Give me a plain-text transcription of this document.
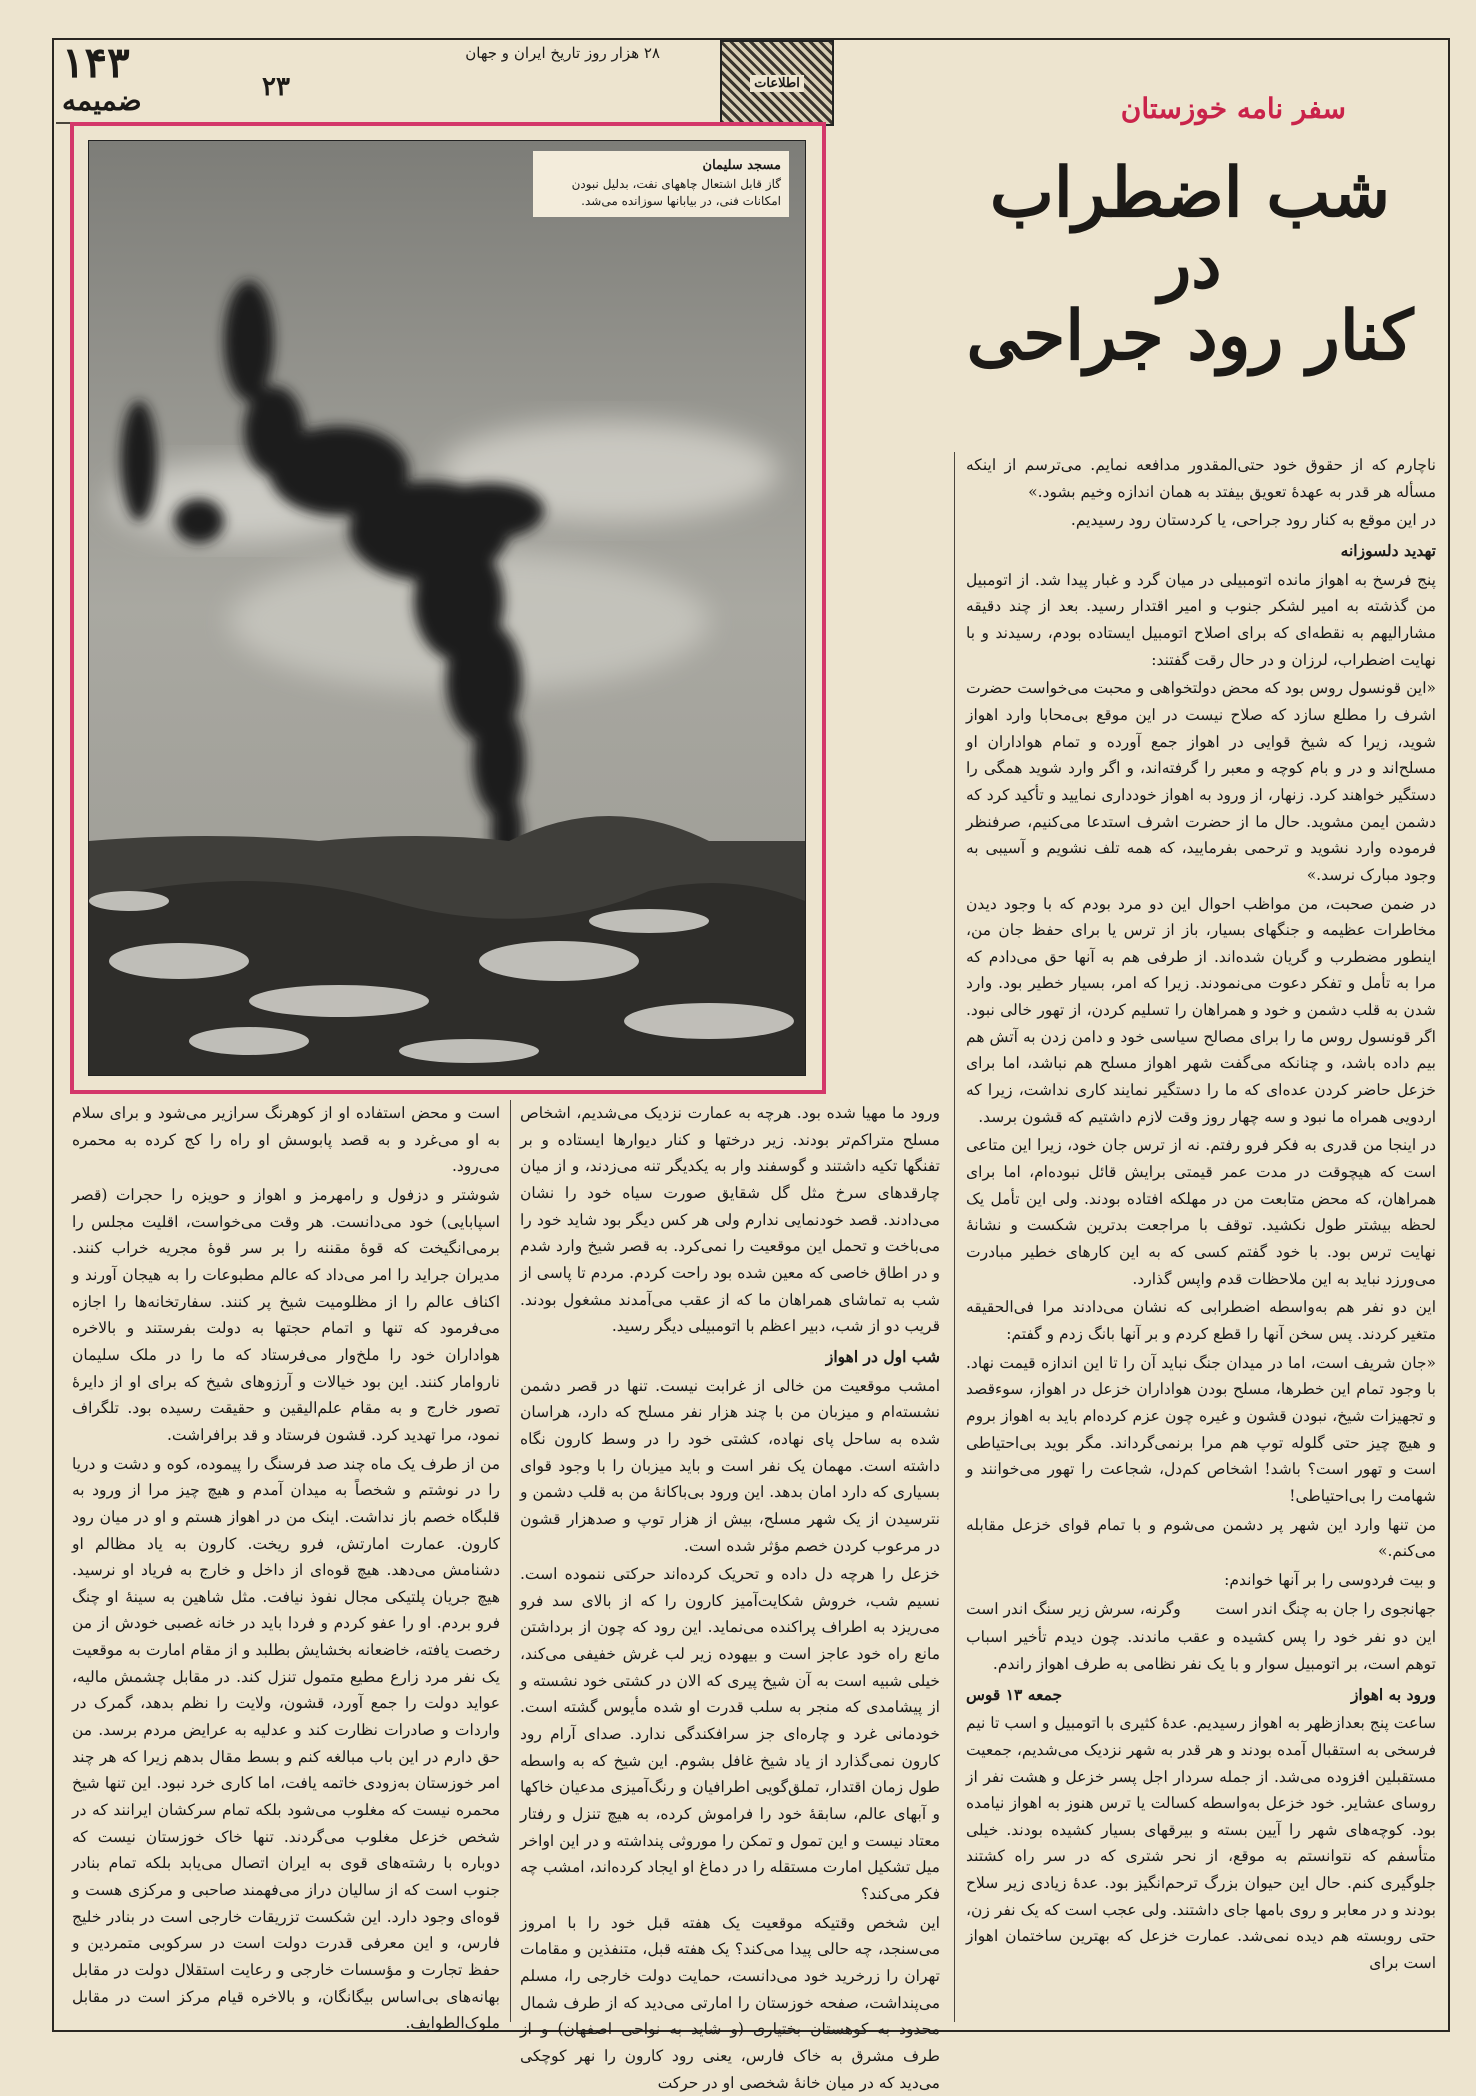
۱۴۳
ضمیمه	۲۳
۲۸ هزار روز تاریخ ایران و جهان
اطلاعات
سفر نامه خوزستان
شب اضطراب
در
کنار رود جراحی
مسجد سلیمان
گاز قابل اشتعال چاههای نفت، بدلیل نبودن امکانات فنی، در بیابانها سوزانده می‌شد.

ناچارم که از حقوق خود حتی‌المقدور مدافعه نمایم. می‌ترسم از اینکه مسأله هر قدر به عهدهٔ تعویق بیفتد به همان اندازه وخیم بشود.»

در این موقع به کنار رود جراحی، یا کردستان رود رسیدیم.

تهدید دلسوزانه

پنج فرسخ به اهواز مانده اتومبیلی در میان گرد و غبار پیدا شد. از اتومبیل من گذشته به امیر لشکر جنوب و امیر اقتدار رسید. بعد از چند دقیقه مشارالیهم به نقطه‌ای که برای اصلاح اتومبیل ایستاده بودم، رسیدند و با نهایت اضطراب، لرزان و در حال رقت گفتند:

«این قونسول روس بود که محض دولتخواهی و محبت می‌خواست حضرت اشرف را مطلع سازد که صلاح نیست در این موقع بی‌محابا وارد اهواز شوید، زیرا که شیخ قوایی در اهواز جمع آورده و تمام هواداران او مسلح‌اند و در و بام کوچه و معبر را گرفته‌اند، و اگر وارد شوید همگی را دستگیر خواهند کرد. زنهار، از ورود به اهواز خودداری نمایید و تأکید کرد که دشمن ایمن مشوید. حال ما از حضرت اشرف استدعا می‌کنیم، صرفنظر فرموده وارد نشوید و ترحمی بفرمایید، که همه تلف نشویم و آسیبی به وجود مبارک نرسد.»

در ضمن صحبت، من مواظب احوال این دو مرد بودم که با وجود دیدن مخاطرات عظیمه و جنگهای بسیار، باز از ترس یا برای حفظ جان من، اینطور مضطرب و گریان شده‌اند. از طرفی هم به آنها حق می‌دادم که مرا به تأمل و تفکر دعوت می‌نمودند. زیرا که امر، بسیار خطیر بود. وارد شدن به قلب دشمن و خود و همراهان را تسلیم کردن، از تهور خالی نبود. اگر قونسول روس ما را برای مصالح سیاسی خود و دامن زدن به آتش هم بیم داده باشد، و چنانکه می‌گفت شهر اهواز مسلح هم نباشد، اما برای خزعل حاضر کردن عده‌ای که ما را دستگیر نمایند کاری نداشت، زیرا که اردویی همراه ما نبود و سه چهار روز وقت لازم داشتیم که قشون برسد.

در اینجا من قدری به فکر فرو رفتم. نه از ترس جان خود، زیرا این متاعی است که هیچوقت در مدت عمر قیمتی برایش قائل نبوده‌ام، اما برای همراهان، که محض متابعت من در مهلکه افتاده بودند. ولی این تأمل یک لحظه بیشتر طول نکشید. توقف با مراجعت بدترین شکست و نشانهٔ نهایت ترس بود. با خود گفتم کسی که به این کارهای خطیر مبادرت می‌ورزد نباید به این ملاحظات قدم واپس گذارد.

این دو نفر هم به‌واسطه اضطرابی که نشان می‌دادند مرا فی‌الحقیقه متغیر کردند. پس سخن آنها را قطع کردم و بر آنها بانگ زدم و گفتم:

«جان شریف است، اما در میدان جنگ نباید آن را تا این اندازه قیمت نهاد. با وجود تمام این خطرها، مسلح بودن هواداران خزعل در اهواز، سوءقصد و تجهیزات شیخ، نبودن قشون و غیره چون عزم کرده‌ام باید به اهواز بروم و هیچ چیز حتی گلوله توپ هم مرا برنمی‌گرداند. مگر بوید بی‌احتیاطی است و تهور است؟ باشد! اشخاص کم‌دل، شجاعت را تهور می‌خوانند و شهامت را بی‌احتیاطی!

من تنها وارد این شهر پر دشمن می‌شوم و با تمام قوای خزعل مقابله می‌کنم.»

و بیت فردوسی را بر آنها خواندم:

جهانجوی را جان به چنگ اندر است
وگرنه، سرش زیر سنگ اندر است

این دو نفر خود را پس کشیده و عقب ماندند. چون دیدم تأخیر اسباب توهم است، بر اتومبیل سوار و با یک نفر نظامی به طرف اهواز راندم.

ورود به اهواز
جمعه ۱۳ قوس

ساعت پنج بعدازظهر به اهواز رسیدیم. عدهٔ کثیری با اتومبیل و اسب تا نیم فرسخی به استقبال آمده بودند و هر قدر به شهر نزدیک می‌شدیم، جمعیت مستقبلین افزوده می‌شد. از جمله سردار اجل پسر خزعل و هشت نفر از روسای عشایر. خود خزعل به‌واسطه کسالت یا ترس هنوز به اهواز نیامده بود. کوچه‌های شهر را آیین بسته و بیرقهای بسیار کشیده بودند. خیلی متأسفم که نتوانستم به موقع، از نحر شتری که در سر راه کشتند جلوگیری کنم. حال این حیوان بزرگ ترحم‌انگیز بود. عدهٔ زیادی زیر سلاح بودند و در معابر و روی بامها جای داشتند. ولی عجب است که یک نفر زن، حتی روبسته هم دیده نمی‌شد. عمارت خزعل که بهترین ساختمان اهواز است برای

ورود ما مهیا شده بود. هرچه به عمارت نزدیک می‌شدیم، اشخاص مسلح متراکم‌تر بودند. زیر درختها و کنار دیوارها ایستاده و بر تفنگها تکیه داشتند و گوسفند وار به یکدیگر تنه می‌زدند، و از میان چارقدهای سرخ مثل گل شقایق صورت سیاه خود را نشان می‌دادند. قصد خودنمایی ندارم ولی هر کس دیگر بود شاید خود را می‌باخت و تحمل این موقعیت را نمی‌کرد. به قصر شیخ وارد شدم و در اطاق خاصی که معین شده بود راحت کردم. مردم تا پاسی از شب به تماشای همراهان ما که از عقب می‌آمدند مشغول بودند. قریب دو از شب، دبیر اعظم با اتومبیلی دیگر رسید.

شب اول در اهواز

امشب موقعیت من خالی از غرابت نیست. تنها در قصر دشمن نشسته‌ام و میزبان من با چند هزار نفر مسلح که دارد، هراسان شده به ساحل پای نهاده، کشتی خود را در وسط کارون نگاه داشته است. مهمان یک نفر است و باید میزبان را با وجود قوای بسیاری که دارد امان بدهد. این ورود بی‌باکانهٔ من به قلب دشمن و نترسیدن از یک شهر مسلح، بیش از هزار توپ و صدهزار قشون در مرعوب کردن خصم مؤثر شده است.

خزعل را هرچه دل داده و تحریک کرده‌اند حرکتی ننموده است. نسیم شب، خروش شکایت‌آمیز کارون را که از بالای سد فرو می‌ریزد به اطراف پراکنده می‌نماید. این رود که چون از برداشتن مانع راه خود عاجز است و بیهوده زیر لب غرش خفیفی می‌کند، خیلی شبیه است به آن شیخ پیری که الان در کشتی خود نشسته و از پیشامدی که منجر به سلب قدرت او شده مأیوس گشته است. خودمانی غرد و چاره‌ای جز سرافکندگی ندارد. صدای آرام رود کارون نمی‌گذارد از یاد شیخ غافل بشوم. این شیخ که به واسطه طول زمان اقتدار، تملق‌گویی اطرافیان و رنگ‌آمیزی مدعیان خاکها و آبهای عالم، سابقهٔ خود را فراموش کرده، به هیچ تنزل و رفتار معتاد نیست و این تمول و تمکن را موروثی پنداشته و در این اواخر میل تشکیل امارت مستقله را در دماغ او ایجاد کرده‌اند، امشب چه فکر می‌کند؟

این شخص وقتیکه موقعیت یک هفته قبل خود را با امروز می‌سنجد، چه حالی پیدا می‌کند؟ یک هفته قبل، متنفذین و مقامات تهران را زرخرید خود می‌دانست، حمایت دولت خارجی را، مسلم می‌پنداشت، صفحه خوزستان را امارتی می‌دید که از طرف شمال محدود به کوهستان بختیاری (و شاید به نواحی اصفهان) و از طرف مشرق به خاک فارس، یعنی رود کارون را نهر کوچکی می‌دید که در میان خانهٔ شخصی او در حرکت

است و محض استفاده او از کوهرنگ سرازیر می‌شود و برای سلام به او می‌غرد و به قصد پابوسش او راه را کج کرده به محمره می‌رود.

شوشتر و دزفول و رامهرمز و اهواز و حویزه را حجرات (قصر اسپابایی) خود می‌دانست. هر وقت می‌خواست، اقلیت مجلس را برمی‌انگیخت که قوهٔ مقننه را بر سر قوهٔ مجریه خراب کنند. مدیران جراید را امر می‌داد که عالم مطبوعات را به هیجان آورند و اکناف عالم را از مظلومیت شیخ پر کنند. سفارتخانه‌ها را اجازه می‌فرمود که تنها و اتمام حجتها به دولت بفرستند و بالاخره هواداران خود را ملخ‌وار می‌فرستاد که ما را در ملک سلیمان ناروامار کنند. این بود خیالات و آرزوهای شیخ که برای او از دایرهٔ تصور خارج و به مقام علم‌الیقین و حقیقت رسیده بود. تلگراف نمود، مرا تهدید کرد. قشون فرستاد و قد برافراشت.

من از طرف یک ماه چند صد فرسنگ را پیموده، کوه و دشت و دریا را در نوشتم و شخصاً به میدان آمدم و هیچ چیز مرا از ورود به قلبگاه خصم باز نداشت. اینک من در اهواز هستم و او در میان رود کارون. عمارت امارتش، فرو ریخت. کارون به یاد مظالم او دشنامش می‌دهد. هیچ قوه‌ای از داخل و خارج به فریاد او نرسید. هیچ جریان پلتیکی مجال نفوذ نیافت. مثل شاهین به سینهٔ او چنگ فرو بردم. او را عفو کردم و فردا باید در خانه غصبی خودش از من رخصت یافته، خاضعانه بخشایش بطلبد و از مقام امارت به موقعیت یک نفر مرد زارع مطیع متمول تنزل کند. در مقابل چشمش مالیه، عواید دولت را جمع آورد، قشون، ولایت را نظم بدهد، گمرک در واردات و صادرات نظارت کند و عدلیه به عرایض مردم برسد. من حق دارم در این باب مبالغه کنم و بسط مقال بدهم زیرا که هر چند امر خوزستان به‌زودی خاتمه یافت، اما کاری خرد نبود. این تنها شیخ محمره نیست که مغلوب می‌شود بلکه تمام سرکشان ایرانند که در شخص خزعل مغلوب می‌گردند. تنها خاک خوزستان نیست که دوباره با رشته‌های قوی به ایران اتصال می‌یابد بلکه تمام بنادر جنوب است که از سالیان دراز می‌فهمند صاحبی و مرکزی هست و قوه‌ای وجود دارد. این شکست تزریقات خارجی است در بنادر خلیج فارس، و این معرفی قدرت دولت است در سرکوبی متمردین و حفظ تجارت و مؤسسات خارجی و رعایت استقلال دولت در مقابل بهانه‌های بی‌اساس بیگانگان، و بالاخره قیام مرکز است در مقابل ملوک‌الطوایف.
